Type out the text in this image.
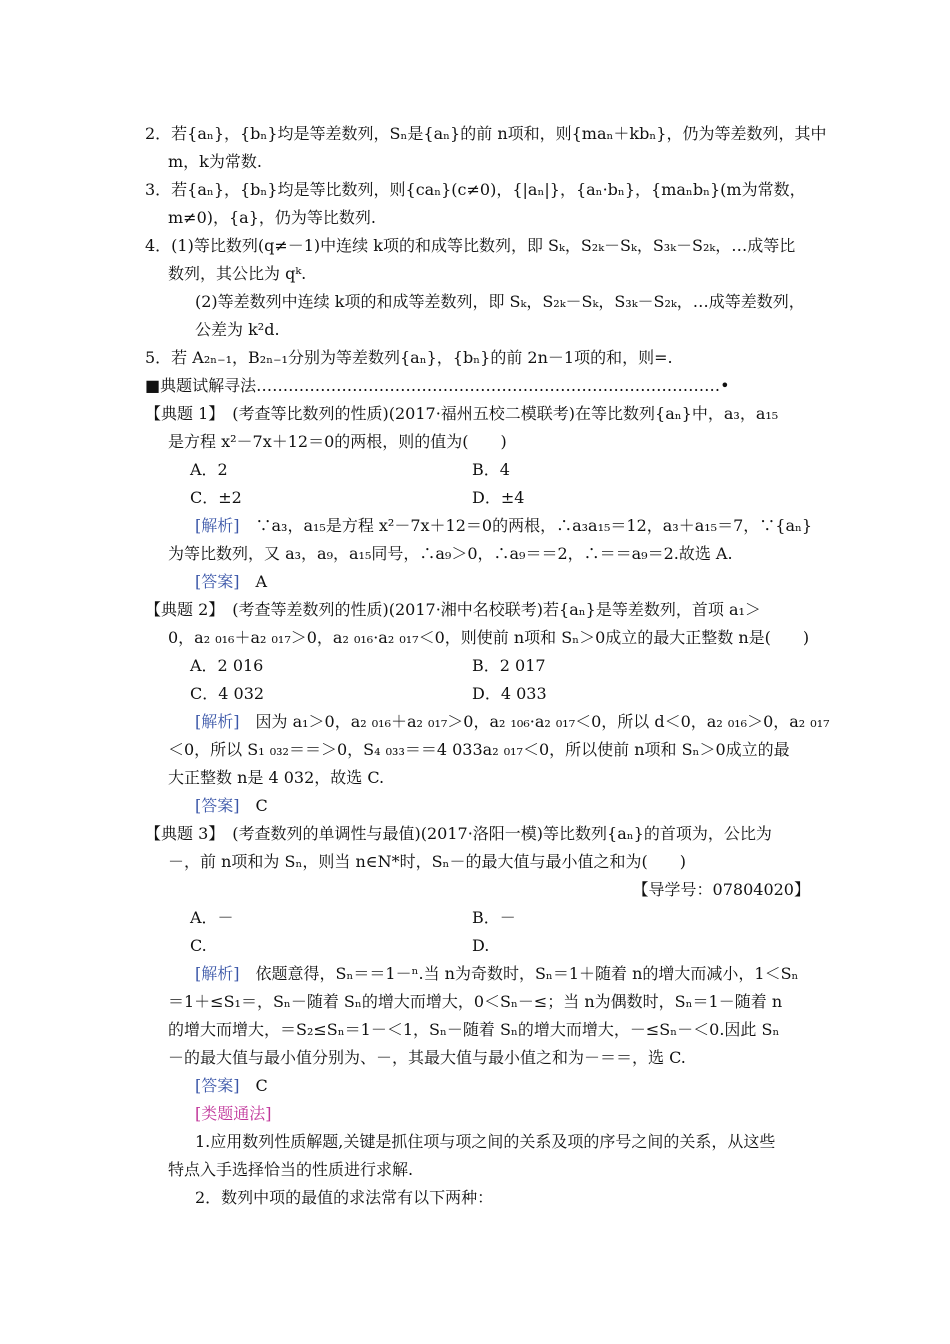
2．若{aₙ}，{bₙ}均是等差数列，Sₙ是{aₙ}的前 n项和，则{maₙ＋kbₙ}，仍为等差数列，其中
m，k为常数.
3．若{aₙ}，{bₙ}均是等比数列，则{caₙ}(c≠0)，{|aₙ|}，{aₙ·bₙ}，{maₙbₙ}(m为常数，
m≠0)，{a}，仍为等比数列.
4．(1)等比数列(q≠－1)中连续 k项的和成等比数列，即 Sₖ，S₂ₖ－Sₖ，S₃ₖ－S₂ₖ，…成等比
数列，其公比为 qᵏ.
(2)等差数列中连续 k项的和成等差数列，即 Sₖ，S₂ₖ－Sₖ，S₃ₖ－S₂ₖ，…成等差数列，
公差为 k²d.
5．若 A₂ₙ₋₁，B₂ₙ₋₁分别为等差数列{aₙ}，{bₙ}的前 2n－1项的和，则=.
■典题试解寻法……………………………………………………………………………•
【典题 1】　(考查等比数列的性质)(2017·福州五校二模联考)在等比数列{aₙ}中，a₃，a₁₅
是方程 x²－7x＋12＝0的两根，则的值为(　　)
A．2	B．4
C．±2	D．±4
[解析]　∵a₃，a₁₅是方程 x²－7x＋12＝0的两根，∴a₃a₁₅＝12，a₃＋a₁₅＝7，∵{aₙ}
为等比数列，又 a₃，a₉，a₁₅同号，∴a₉＞0，∴a₉＝＝2，∴＝＝a₉＝2.故选 A.
[答案]　A
【典题 2】　(考查等差数列的性质)(2017·湘中名校联考)若{aₙ}是等差数列，首项 a₁＞
0，a₂ ₀₁₆＋a₂ ₀₁₇＞0，a₂ ₀₁₆·a₂ ₀₁₇＜0，则使前 n项和 Sₙ＞0成立的最大正整数 n是(　　)
A．2 016	B．2 017
C．4 032	D．4 033
[解析]　因为 a₁＞0，a₂ ₀₁₆＋a₂ ₀₁₇＞0，a₂ ₁₀₆·a₂ ₀₁₇＜0，所以 d＜0，a₂ ₀₁₆＞0，a₂ ₀₁₇
＜0，所以 S₁ ₀₃₂＝＝＞0，S₄ ₀₃₃＝＝4 033a₂ ₀₁₇＜0，所以使前 n项和 Sₙ＞0成立的最
大正整数 n是 4 032，故选 C.
[答案]　C
【典题 3】　(考查数列的单调性与最值)(2017·洛阳一模)等比数列{aₙ}的首项为，公比为
－，前 n项和为 Sₙ，则当 n∈N*时，Sₙ－的最大值与最小值之和为(　　)
【导学号：07804020】
A．－	B．－
C.	D.
[解析]　依题意得，Sₙ＝＝1－ⁿ.当 n为奇数时，Sₙ＝1＋随着 n的增大而减小，1＜Sₙ
＝1＋≤S₁＝，Sₙ－随着 Sₙ的增大而增大，0＜Sₙ－≤；当 n为偶数时，Sₙ＝1－随着 n
的增大而增大，＝S₂≤Sₙ＝1－＜1，Sₙ－随着 Sₙ的增大而增大，－≤Sₙ－＜0.因此 Sₙ
－的最大值与最小值分别为、－，其最大值与最小值之和为－＝＝，选 C.
[答案]　C
[类题通法]
1.应用数列性质解题,关键是抓住项与项之间的关系及项的序号之间的关系，从这些
特点入手选择恰当的性质进行求解.
2．数列中项的最值的求法常有以下两种：
